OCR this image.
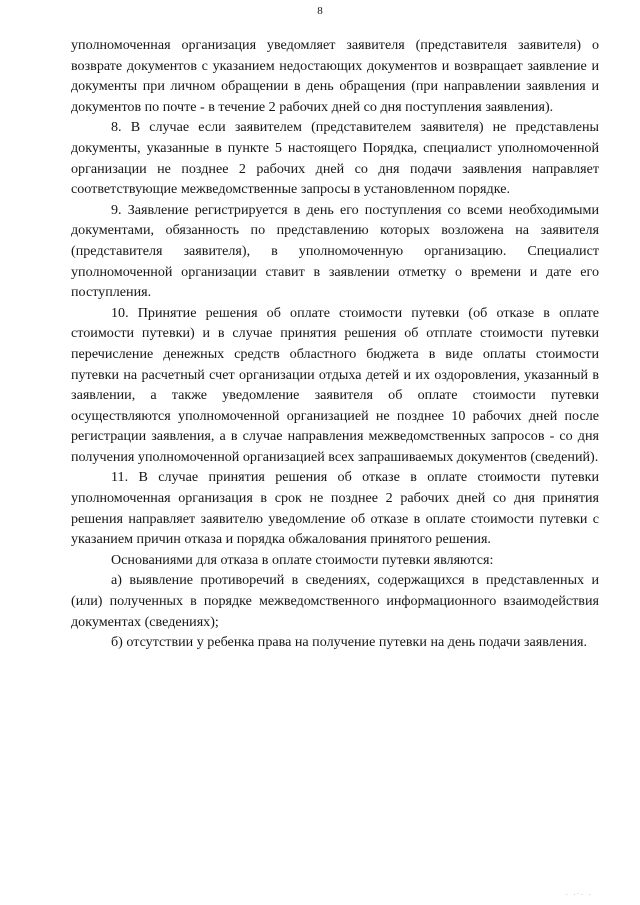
8

уполномоченная организация уведомляет заявителя (представителя заявителя) о возврате документов с указанием недостающих документов и возвращает заявление и документы при личном обращении в день обращения (при направлении заявления и документов по почте - в течение 2 рабочих дней со дня поступления заявления).

8. В случае если заявителем (представителем заявителя) не представлены документы, указанные в пункте 5 настоящего Порядка, специалист уполномоченной организации не позднее 2 рабочих дней со дня подачи заявления направляет соответствующие межведомственные запросы в установленном порядке.

9. Заявление регистрируется в день его поступления со всеми необходимыми документами, обязанность по представлению которых возложена на заявителя (представителя заявителя), в уполномоченную организацию. Специалист уполномоченной организации ставит в заявлении отметку о времени и дате его поступления.

10. Принятие решения об оплате стоимости путевки (об отказе в оплате стоимости путевки) и в случае принятия решения об отплате стоимости путевки перечисление денежных средств областного бюджета в виде оплаты стоимости путевки на расчетный счет организации отдыха детей и их оздоровления, указанный в заявлении, а также уведомление заявителя об оплате стоимости путевки осуществляются уполномоченной организацией не позднее 10 рабочих дней после регистрации заявления, а в случае направления межведомственных запросов - со дня получения уполномоченной организацией всех запрашиваемых документов (сведений).

11. В случае принятия решения об отказе в оплате стоимости путевки уполномоченная организация в срок не позднее 2 рабочих дней со дня принятия решения направляет заявителю уведомление об отказе в оплате стоимости путевки с указанием причин отказа и порядка обжалования принятого решения.

Основаниями для отказа в оплате стоимости путевки являются:

а) выявление противоречий в сведениях, содержащихся в представленных и (или) полученных в порядке межведомственного информационного взаимодействия документах (сведениях);

б) отсутствии у ребенка права на получение путевки на день подачи заявления.

. .·. .
